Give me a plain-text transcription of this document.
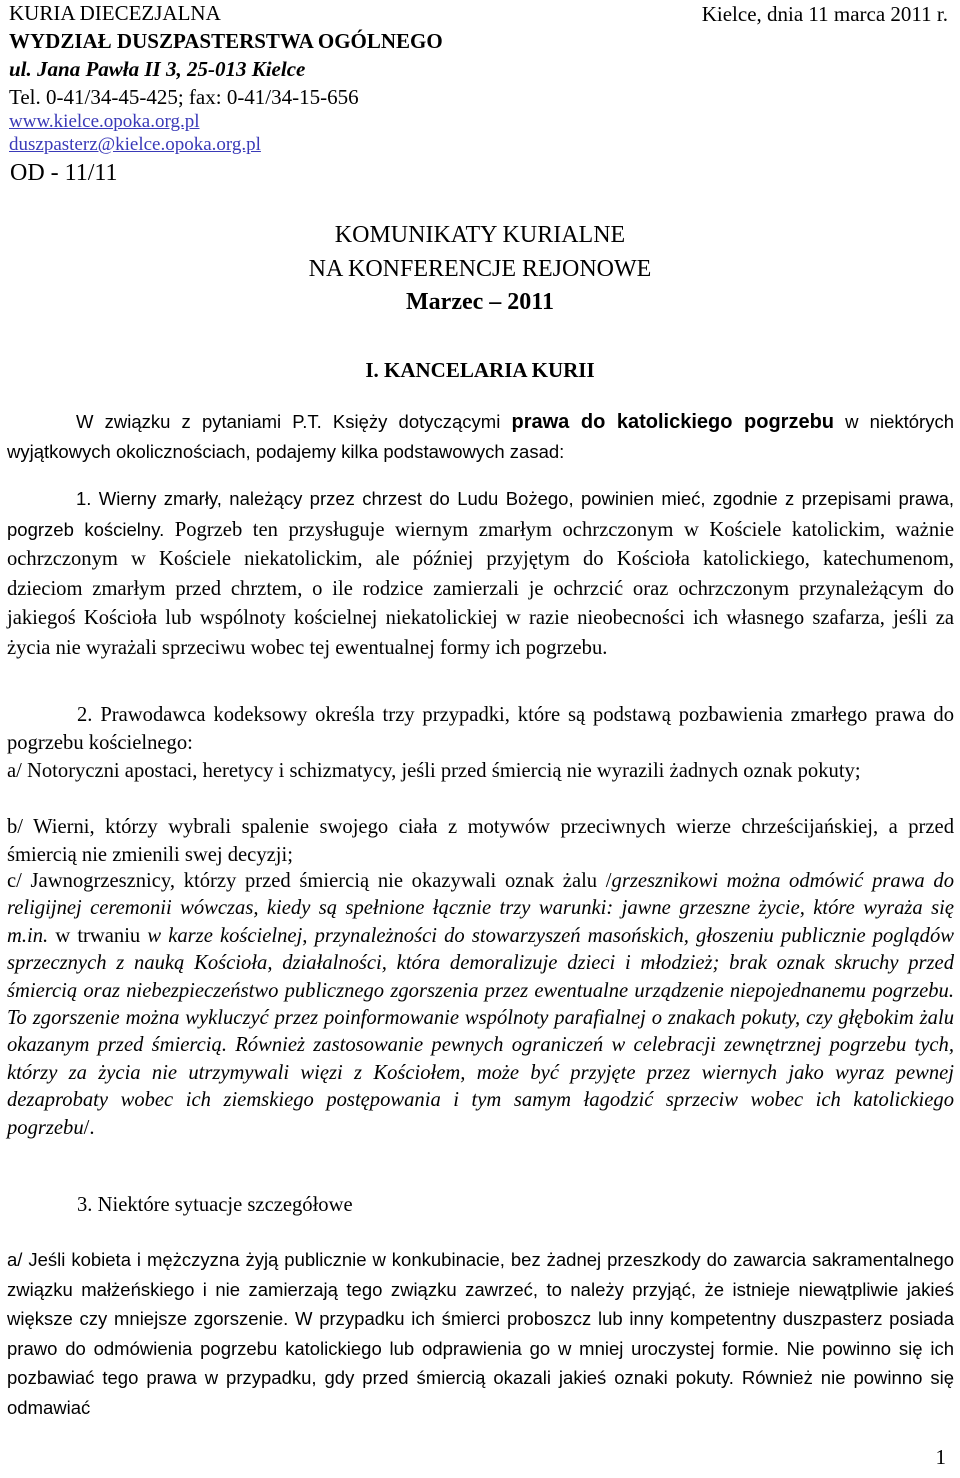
KURIA DIECEZJALNA
WYDZIAŁ DUSZPASTERSTWA OGÓLNEGO
ul. Jana Pawła II 3, 25-013 Kielce
Tel. 0-41/34-45-425; fax: 0-41/34-15-656
www.kielce.opoka.org.pl
duszpasterz@kielce.opoka.org.pl
Kielce, dnia 11 marca 2011 r.
OD - 11/11
KOMUNIKATY KURIALNE
NA KONFERENCJE REJONOWE
Marzec – 2011
I. KANCELARIA KURII
W związku z pytaniami P.T. Księży dotyczącymi prawa do katolickiego pogrzebu w niektórych wyjątkowych okolicznościach, podajemy kilka podstawowych zasad:
1. Wierny zmarły, należący przez chrzest do Ludu Bożego, powinien mieć, zgodnie z przepisami prawa, pogrzeb kościelny. Pogrzeb ten przysługuje wiernym zmarłym ochrzczonym w Kościele katolickim, ważnie ochrzczonym w Kościele niekatolickim, ale później przyjętym do Kościoła katolickiego, katechumenom, dzieciom zmarłym przed chrztem, o ile rodzice zamierzali je ochrzcić oraz ochrzczonym przynależącym do jakiegoś Kościoła lub wspólnoty kościelnej niekatolickiej w razie nieobecności ich własnego szafarza, jeśli za życia nie wyrażali sprzeciwu wobec tej ewentualnej formy ich pogrzebu.
2. Prawodawca kodeksowy określa trzy przypadki, które są podstawą pozbawienia zmarłego prawa do pogrzebu kościelnego:
a/ Notoryczni apostaci, heretycy i schizmatycy, jeśli przed śmiercią nie wyrazili żadnych oznak pokuty;
b/ Wierni, którzy wybrali spalenie swojego ciała z motywów przeciwnych wierze chrześcijańskiej, a przed śmiercią nie zmienili swej decyzji;
c/ Jawnogrzesznicy, którzy przed śmiercią nie okazywali oznak żalu /grzesznikowi można odmówić prawa do religijnej ceremonii wówczas, kiedy są spełnione łącznie trzy warunki: jawne grzeszne życie, które wyraża się m.in. w trwaniu w karze kościelnej, przynależności do stowarzyszeń masońskich, głoszeniu publicznie poglądów sprzecznych z nauką Kościoła, działalności, która demoralizuje dzieci i młodzież; brak oznak skruchy przed śmiercią oraz niebezpieczeństwo publicznego zgorszenia przez ewentualne urządzenie niepojednanemu pogrzebu. To zgorszenie można wykluczyć przez poinformowanie wspólnoty parafialnej o znakach pokuty, czy głębokim żalu okazanym przed śmiercią. Również zastosowanie pewnych ograniczeń w celebracji zewnętrznej pogrzebu tych, którzy za życia nie utrzymywali więzi z Kościołem, może być przyjęte przez wiernych jako wyraz pewnej dezaprobaty wobec ich ziemskiego postępowania i tym samym łagodzić sprzeciw wobec ich katolickiego pogrzebu/.
3. Niektóre sytuacje szczegółowe
a/ Jeśli kobieta i mężczyzna żyją publicznie w konkubinacie, bez żadnej przeszkody do zawarcia sakramentalnego związku małżeńskiego i nie zamierzają tego związku zawrzeć, to należy przyjąć, że istnieje niewątpliwie jakieś większe czy mniejsze zgorszenie. W przypadku ich śmierci proboszcz lub inny kompetentny duszpasterz posiada prawo do odmówienia pogrzebu katolickiego lub odprawienia go w mniej uroczystej formie. Nie powinno się ich pozbawiać tego prawa w przypadku, gdy przed śmiercią okazali jakieś oznaki pokuty. Również nie powinno się odmawiać
1
